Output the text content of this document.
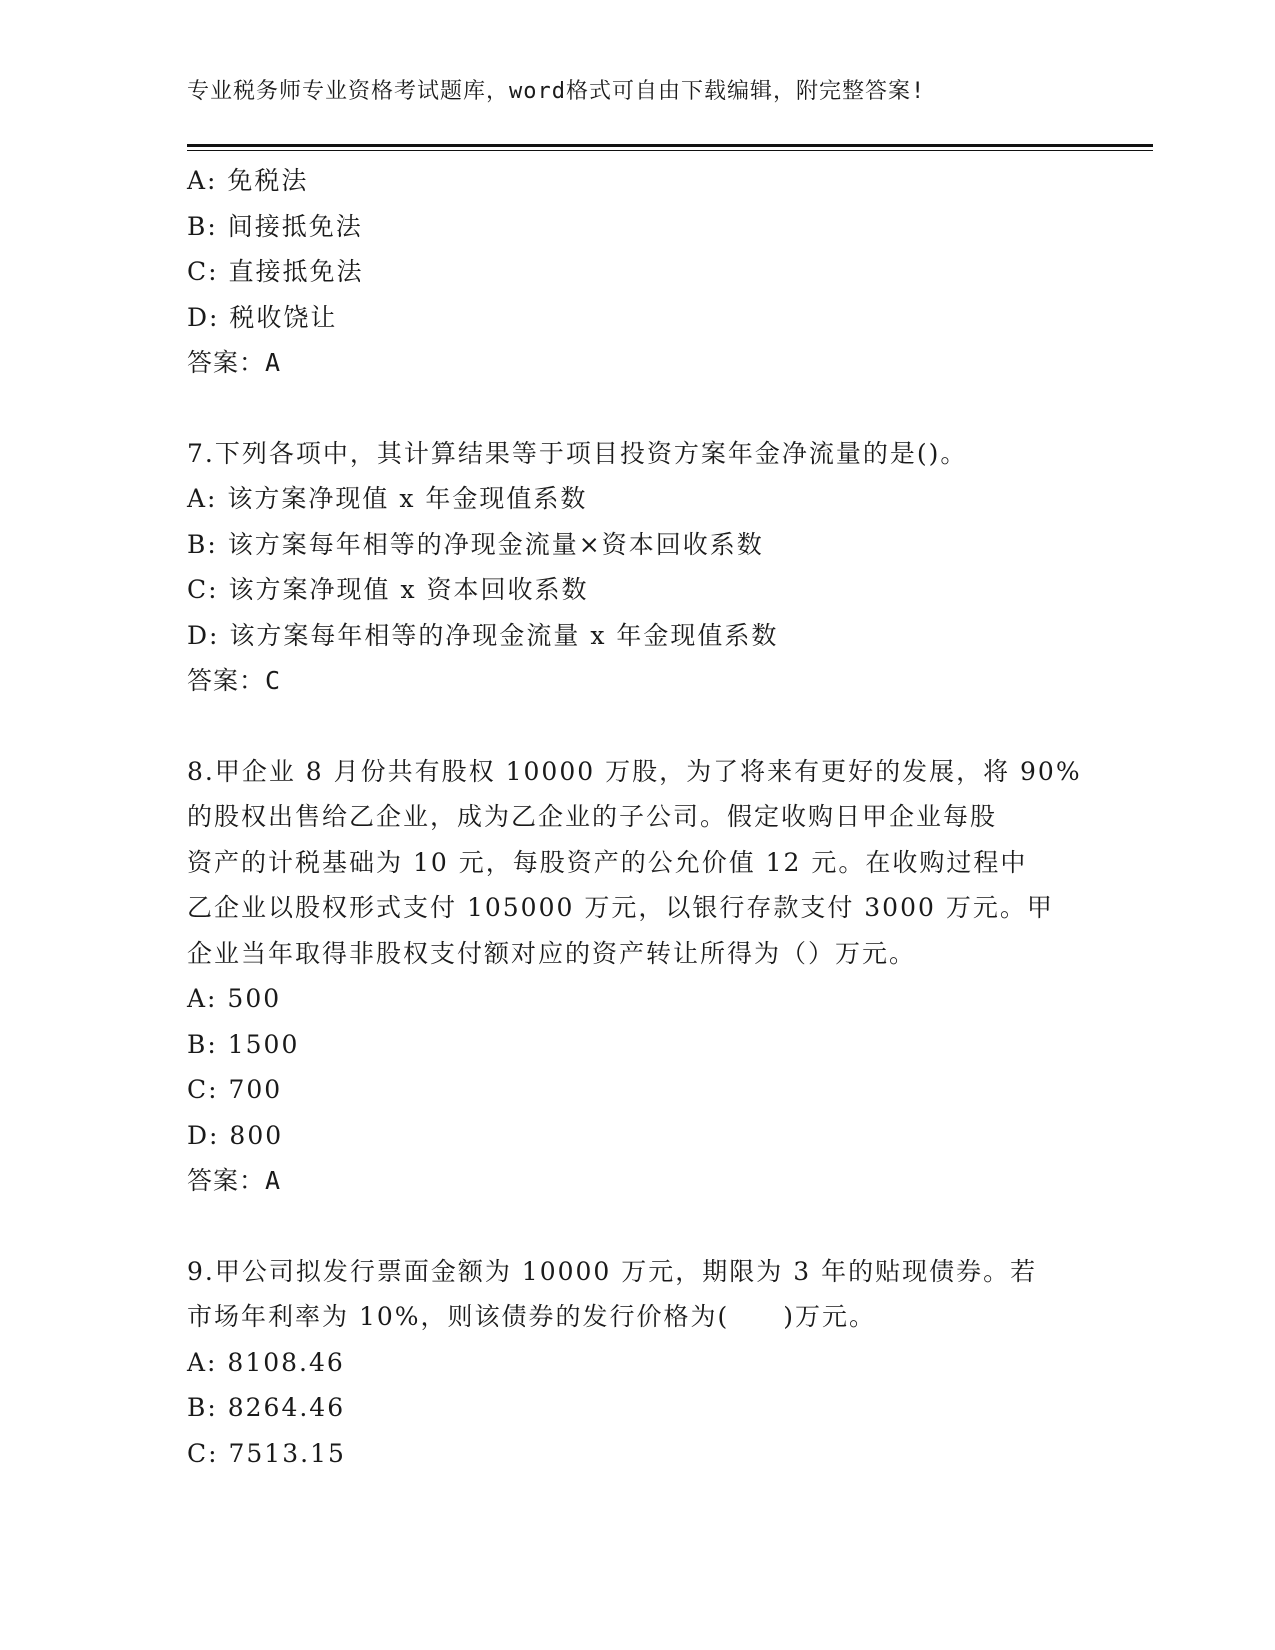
专业税务师专业资格考试题库，word格式可自由下载编辑，附完整答案!
A: 免税法
B: 间接抵免法
C: 直接抵免法
D: 税收饶让
答案：A
7.下列各项中，其计算结果等于项目投资方案年金净流量的是()。
A: 该方案净现值 x 年金现值系数
B: 该方案每年相等的净现金流量×资本回收系数
C: 该方案净现值 x 资本回收系数
D: 该方案每年相等的净现金流量 x 年金现值系数
答案：C
8.甲企业 8 月份共有股权 10000 万股，为了将来有更好的发展，将 90%
的股权出售给乙企业，成为乙企业的子公司。假定收购日甲企业每股
资产的计税基础为 10 元，每股资产的公允价值 12 元。在收购过程中
乙企业以股权形式支付 105000 万元，以银行存款支付 3000 万元。甲
企业当年取得非股权支付额对应的资产转让所得为（）万元。
A: 500
B: 1500
C: 700
D: 800
答案：A
9.甲公司拟发行票面金额为 10000 万元，期限为 3 年的贴现债券。若
市场年利率为 10%，则该债券的发行价格为(　　)万元。
A: 8108.46
B: 8264.46
C: 7513.15
